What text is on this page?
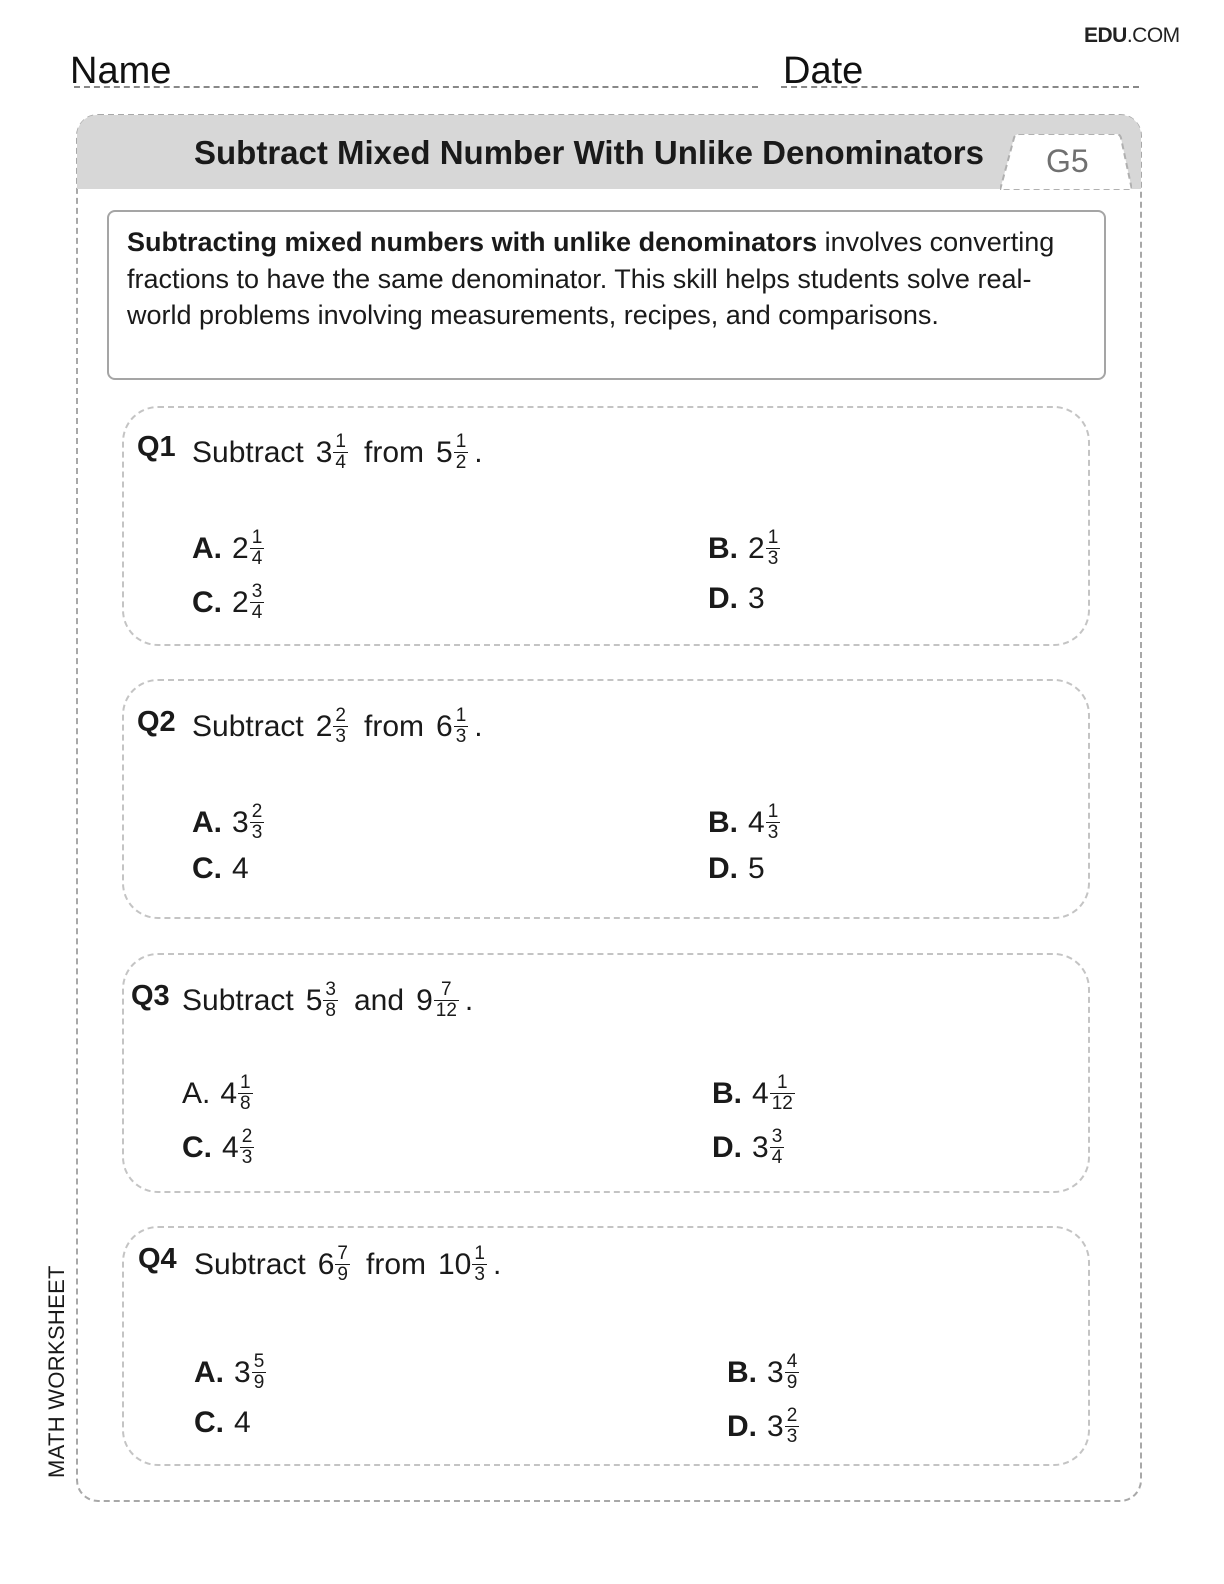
EDU.COM
Name	Date
Subtract Mixed Number With Unlike Denominators G5
MATH WORKSHEET
Subtracting mixed numbers with unlike denominators involves converting fractions to have the same denominator. This skill helps students solve real-world problems involving measurements, recipes, and comparisons.
Q1 Subtract $3 \frac{1}{4}$ from $5 \frac{1}{2}$ .
A. $2 \frac{1}{4}$	B. $2 \frac{1}{3}$
C. $2 \frac{3}{4}$	D. 3
Q2 Subtract $2 \frac{2}{3}$ from $6 \frac{1}{3}$ .
A. $3 \frac{2}{3}$	B. $4 \frac{1}{3}$
C. 4	D. 5
Q3 Subtract $5 \frac{3}{8}$ and $9 \frac{7}{12}$ .
A. $4 \frac{1}{8}$	B. $4 \frac{1}{12}$
C. $4 \frac{2}{3}$	D. $3 \frac{3}{4}$
Q4 Subtract $6 \frac{7}{9}$ from $10 \frac{1}{3}$ .
A. $3 \frac{5}{9}$	B. $3 \frac{4}{9}$
C. 4	D. $3 \frac{2}{3}$
